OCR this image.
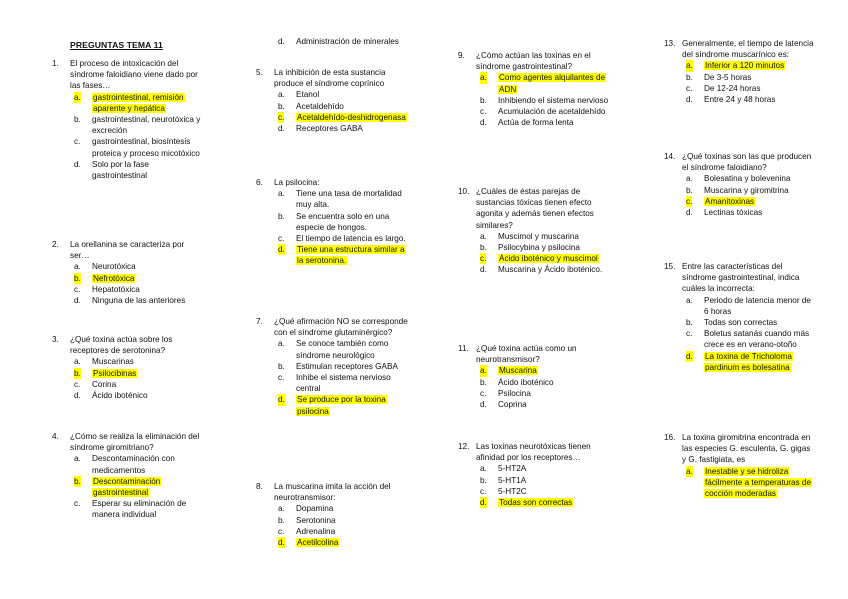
PREGUNTAS TEMA 11
1. El proceso de intoxicación del síndrome faloidiano viene dado por las fases…
a. gastrointestinal, remisión aparente y hepática
b. gastrointestinal, neurotóxica y excreción
c. gastrointestinal, biosíntesis proteica y proceso micotóxico
d. Solo por la fase gastrointestinal
2. La orellanina se caracteriza por ser…
a. Neurotóxica
b. Nefrotóxica
c. Hepatotóxica
d. Ninguna de las anteriores
3. ¿Qué toxina actúa sobre los receptores de serotonina?
a. Muscarinas
b. Psilocibinas
c. Corina
d. Ácido iboténico
4. ¿Cómo se realiza la eliminación del síndrome giromitriano?
a. Descontaminación con medicamentos
b. Descontaminación gastrointestinal
c. Esperar su eliminación de manera individual
d. Administración de minerales
5. La inhibición de esta sustancia produce el síndrome coprínico
a. Etanol
b. Acetaldehído
c. Acetaldehído-deshidrogenasa
d. Receptores GABA
6. La psilocina:
a. Tiene una tasa de mortalidad muy alta.
b. Se encuentra solo en una especie de hongos.
c. El tiempo de latencia es largo.
d. Tiene una estructura similar a la serotonina.
7. ¿Qué afirmación NO se corresponde con el síndrome glutaminérgico?
a. Se conoce también como síndrome neurológico
b. Estimulan receptores GABA
c. Inhibe el sistema nervioso central
d. Se produce por la toxina psilocina
8. La muscarina imita la acción del neurotransmisor:
a. Dopamina
b. Serotonina
c. Adrenalina
d. Acetilcolina
9. ¿Cómo actúan las toxinas en el síndrome gastrointestinal?
a. Como agentes alquilantes de ADN
b. Inhibiendo el sistema nervioso
c. Acumulación de acetaldehído
d. Actúa de forma lenta
10. ¿Cuáles de éstas parejas de sustancias tóxicas tienen efecto agonita y además tienen efectos similares?
a. Muscimol y muscarina
b. Psilocybina y psilocina
c. Ácido iboténico y muscimol
d. Muscarina y Ácido iboténico.
11. ¿Qué toxina actúa como un neurotransmisor?
a. Muscarina
b. Ácido iboténico
c. Psilocina
d. Coprina
12. Las toxinas neurotóxicas tienen afinidad por los receptores…
a. 5-HT2A
b. 5-HT1A
c. 5-HT2C
d. Todas son correctas
13. Generalmente, el tiempo de latencia del síndrome muscarínico es:
a. Inferior a 120 minutos
b. De 3-5 horas
c. De 12-24 horas
d. Entre 24 y 48 horas
14. ¿Qué toxinas son las que producen el síndrome faloidiano?
a. Bolesatina y bolevenina
b. Muscarina y giromitrina
c. Amanitoxinas
d. Lectinas tóxicas
15. Entre las características del síndrome gastrointestinal, indica cuáles la incorrecta:
a. Periodo de latencia menor de 6 horas
b. Todas son correctas
c. Boletus satanás cuando más crece es en verano-otoño
d. La toxina de Tricholoma pardinum es bolesatina
16. La toxina giromitrina encontrada en las especies G. esculenta, G. gigas y G. fastigiata, es
a. Inestable y se hidroliza fácilmente a temperaturas de cocción moderadas
